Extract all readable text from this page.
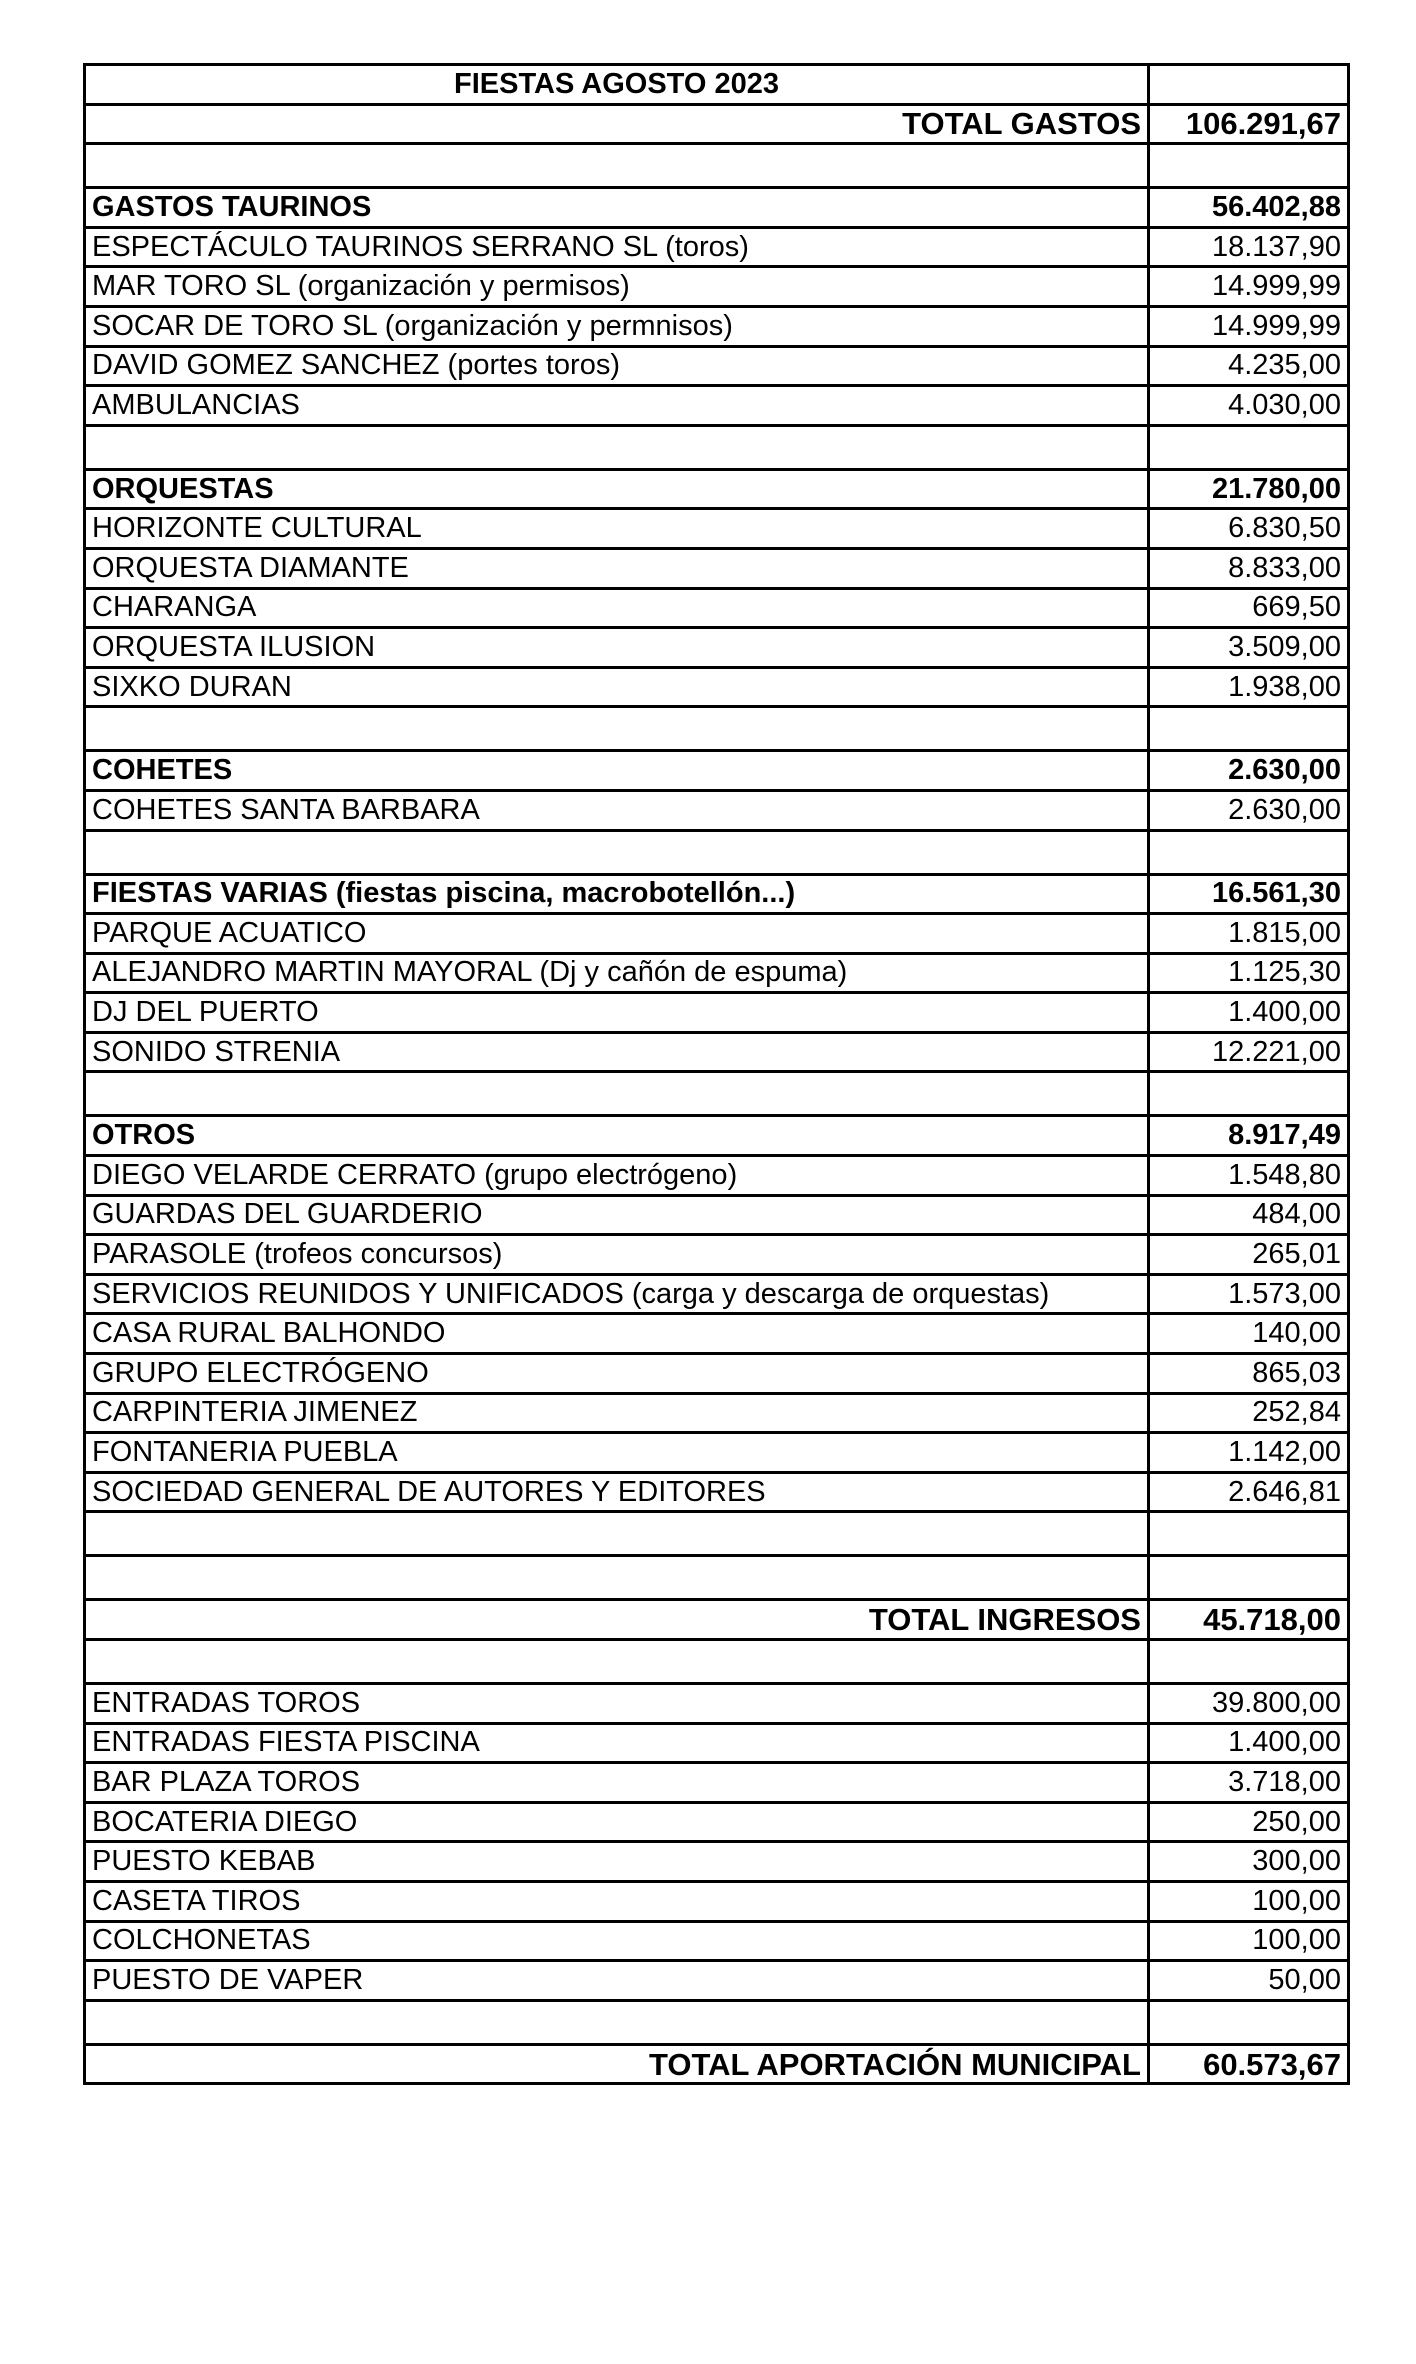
FIESTAS AGOSTO 2023	
TOTAL GASTOS	106.291,67

GASTOS TAURINOS	56.402,88
ESPECTÁCULO TAURINOS SERRANO SL (toros)	18.137,90
MAR TORO SL (organización y permisos)	14.999,99
SOCAR DE TORO SL (organización y permnisos)	14.999,99
DAVID GOMEZ SANCHEZ (portes toros)	4.235,00
AMBULANCIAS	4.030,00

ORQUESTAS	21.780,00
HORIZONTE CULTURAL	6.830,50
ORQUESTA DIAMANTE	8.833,00
CHARANGA	669,50
ORQUESTA ILUSION	3.509,00
SIXKO DURAN	1.938,00

COHETES	2.630,00
COHETES SANTA BARBARA	2.630,00

FIESTAS VARIAS (fiestas piscina, macrobotellón...)	16.561,30
PARQUE ACUATICO	1.815,00
ALEJANDRO MARTIN MAYORAL (Dj y cañón de espuma)	1.125,30
DJ DEL PUERTO	1.400,00
SONIDO STRENIA	12.221,00

OTROS	8.917,49
DIEGO VELARDE CERRATO (grupo electrógeno)	1.548,80
GUARDAS DEL GUARDERIO	484,00
PARASOLE (trofeos concursos)	265,01
SERVICIOS REUNIDOS Y UNIFICADOS (carga y descarga de orquestas)	1.573,00
CASA RURAL BALHONDO	140,00
GRUPO ELECTRÓGENO	865,03
CARPINTERIA JIMENEZ	252,84
FONTANERIA PUEBLA	1.142,00
SOCIEDAD GENERAL DE AUTORES Y EDITORES	2.646,81

TOTAL INGRESOS	45.718,00

ENTRADAS TOROS	39.800,00
ENTRADAS FIESTA PISCINA	1.400,00
BAR PLAZA TOROS	3.718,00
BOCATERIA DIEGO	250,00
PUESTO KEBAB	300,00
CASETA TIROS	100,00
COLCHONETAS	100,00
PUESTO DE VAPER	50,00

TOTAL APORTACIÓN MUNICIPAL	60.573,67
